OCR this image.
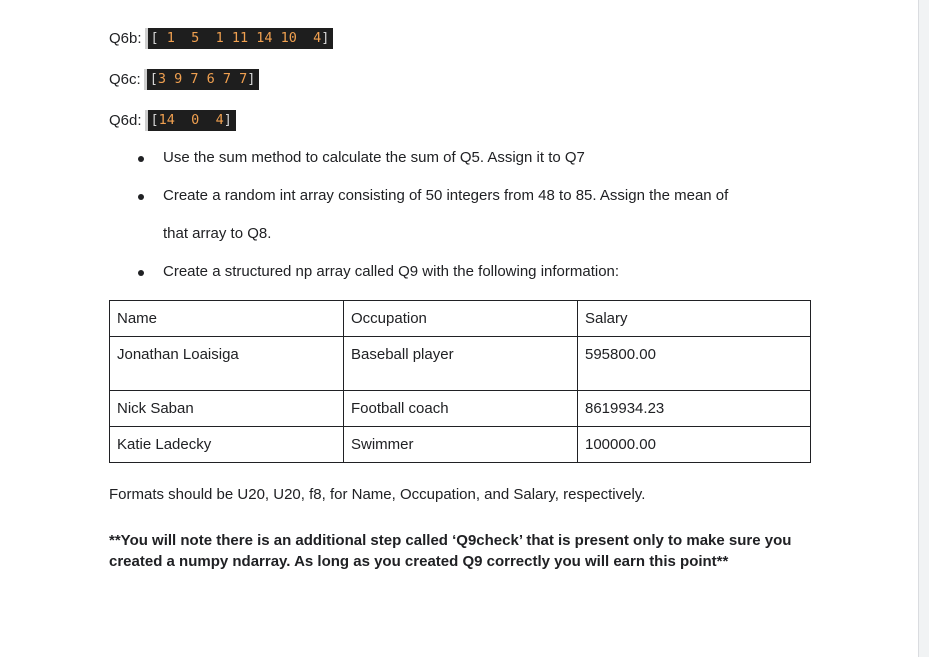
Q6b: [ 1  5  1 11 14 10  4]
Q6c: [3 9 7 6 7 7]
Q6d: [14  0  4]
Use the sum method to calculate the sum of Q5. Assign it to Q7
Create a random int array consisting of 50 integers from 48 to 85. Assign the mean of
that array to Q8.
Create a structured np array called Q9 with the following information:
Name	Occupation	Salary
Jonathan Loaisiga	Baseball player	595800.00
Nick Saban	Football coach	8619934.23
Katie Ladecky	Swimmer	100000.00
Formats should be U20, U20, f8, for Name, Occupation, and Salary, respectively.
**You will note there is an additional step called ‘Q9check’ that is present only to make sure you created a numpy ndarray. As long as you created Q9 correctly you will earn this point**
